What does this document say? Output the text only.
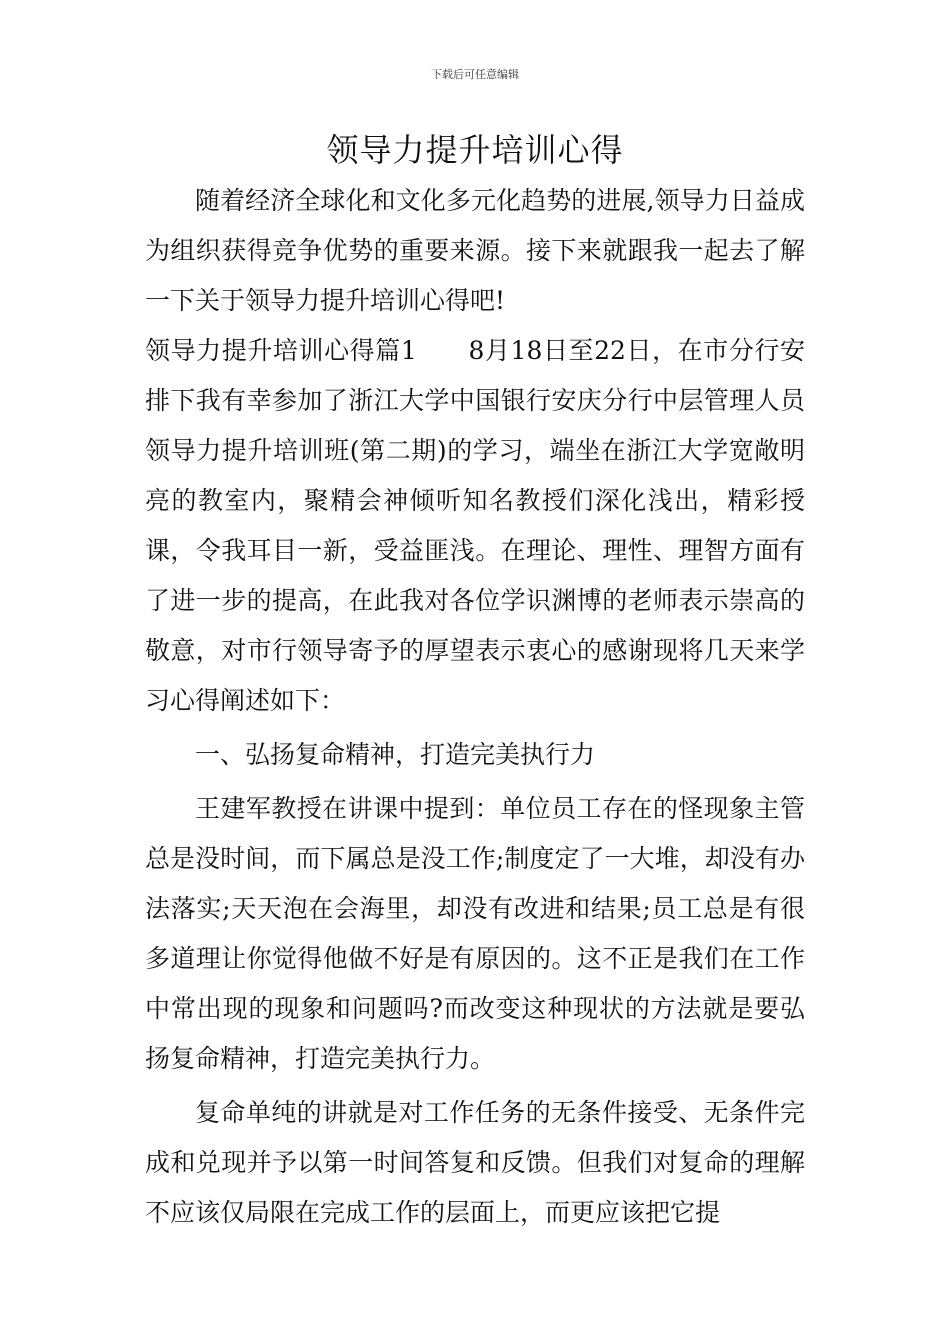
下载后可任意编辑
领导力提升培训心得

随着经济全球化和文化多元化趋势的进展,领导力日益成为组织获得竞争优势的重要来源。接下来就跟我一起去了解一下关于领导力提升培训心得吧!

领导力提升培训心得篇1　　8月18日至22日，在市分行安排下我有幸参加了浙江大学中国银行安庆分行中层管理人员领导力提升培训班(第二期)的学习，端坐在浙江大学宽敞明亮的教室内，聚精会神倾听知名教授们深化浅出，精彩授课，令我耳目一新，受益匪浅。在理论、理性、理智方面有了进一步的提高，在此我对各位学识渊博的老师表示崇高的敬意，对市行领导寄予的厚望表示衷心的感谢现将几天来学习心得阐述如下：

一、弘扬复命精神，打造完美执行力

王建军教授在讲课中提到：单位员工存在的怪现象主管总是没时间，而下属总是没工作;制度定了一大堆，却没有办法落实;天天泡在会海里，却没有改进和结果;员工总是有很多道理让你觉得他做不好是有原因的。这不正是我们在工作中常出现的现象和问题吗?而改变这种现状的方法就是要弘扬复命精神，打造完美执行力。

复命单纯的讲就是对工作任务的无条件接受、无条件完成和兑现并予以第一时间答复和反馈。但我们对复命的理解不应该仅局限在完成工作的层面上，而更应该把它提
